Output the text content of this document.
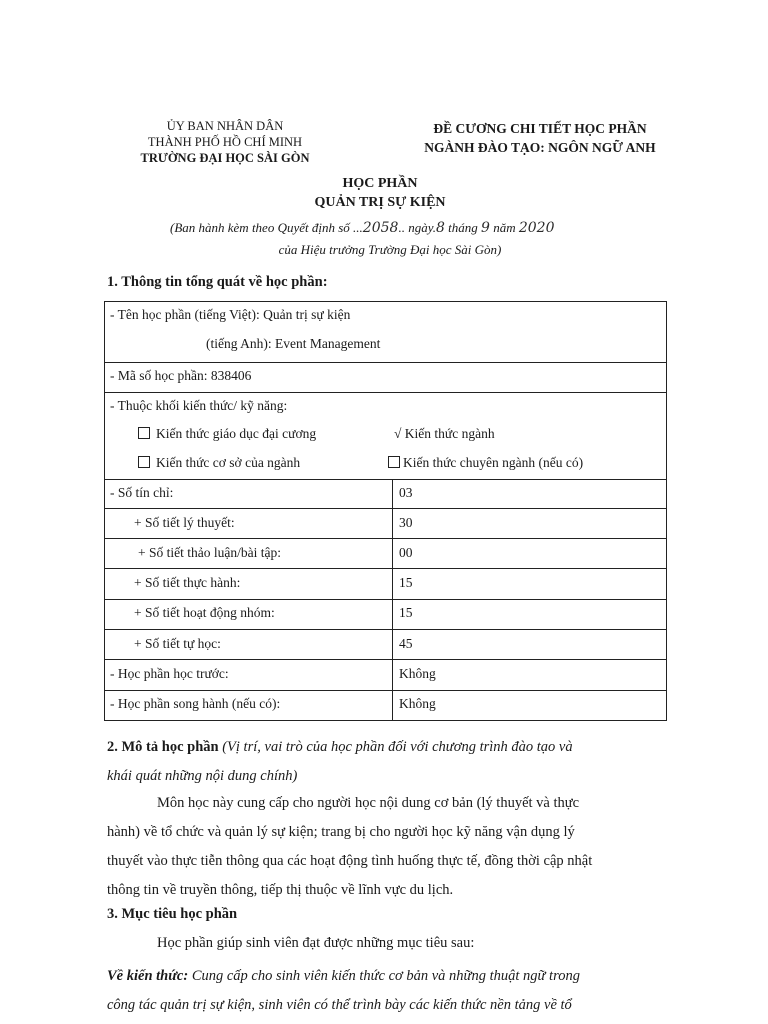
ỦY BAN NHÂN DÂN
THÀNH PHỐ HỒ CHÍ MINH
TRƯỜNG ĐẠI HỌC SÀI GÒN
ĐỀ CƯƠNG CHI TIẾT HỌC PHẦN
NGÀNH ĐÀO TẠO: NGÔN NGỮ ANH
HỌC PHẦN
QUẢN TRỊ SỰ KIỆN
(Ban hành kèm theo Quyết định số ...2058.. ngày.8 tháng 9 năm 2020
của Hiệu trưởng Trường Đại học Sài Gòn)
1. Thông tin tổng quát về học phần:
- Tên học phần (tiếng Việt): Quản trị sự kiện
(tiếng Anh): Event Management
- Mã số học phần: 838406
- Thuộc khối kiến thức/ kỹ năng:
Kiến thức giáo dục đại cương	√ Kiến thức ngành
Kiến thức cơ sở của ngành	Kiến thức chuyên ngành (nếu có)
- Số tín chỉ:	03
+ Số tiết lý thuyết:	30
+ Số tiết thảo luận/bài tập:	00
+ Số tiết thực hành:	15
+ Số tiết hoạt động nhóm:	15
+ Số tiết tự học:	45
- Học phần học trước:	Không
- Học phần song hành (nếu có):	Không
2. Mô tả học phần (Vị trí, vai trò của học phần đối với chương trình đào tạo và
khái quát những nội dung chính)
Môn học này cung cấp cho người học nội dung cơ bản (lý thuyết và thực
hành) về tổ chức và quản lý sự kiện; trang bị cho người học kỹ năng vận dụng lý
thuyết vào thực tiễn thông qua các hoạt động tình huống thực tế, đồng thời cập nhật
thông tin về truyền thông, tiếp thị thuộc về lĩnh vực du lịch.
3. Mục tiêu học phần
Học phần giúp sinh viên đạt được những mục tiêu sau:
Về kiến thức: Cung cấp cho sinh viên kiến thức cơ bản và những thuật ngữ trong
công tác quản trị sự kiện, sinh viên có thể trình bày các kiến thức nền tảng về tổ
